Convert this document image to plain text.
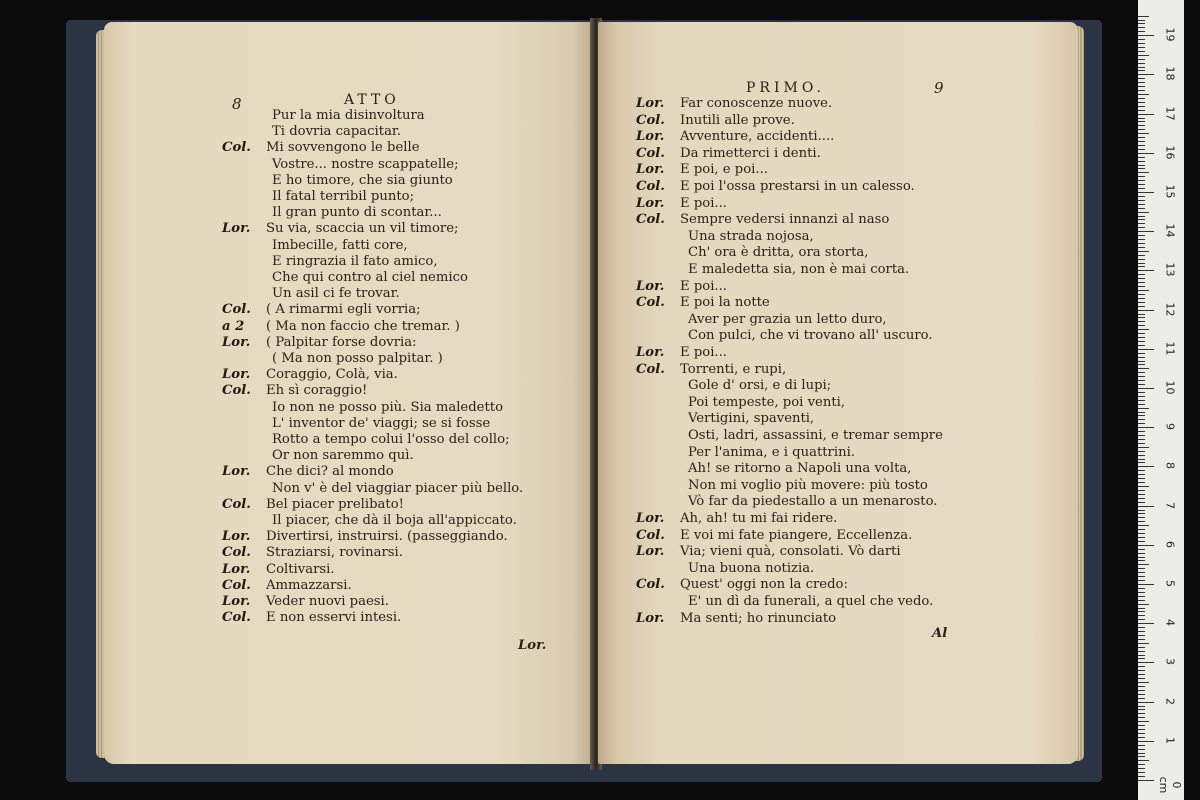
8	ATTO
Pur la mia disinvoltura
Ti dovria capacitar.
Col. Mi sovvengono le belle
Vostre... nostre scappatelle;
E ho timore, che sia giunto
Il fatal terribil punto;
Il gran punto di scontar...
Lor. Su via, scaccia un vil timore;
Imbecille, fatti core,
E ringrazia il fato amico,
Che qui contro al ciel nemico
Un asil ci fe trovar.
Col. ( A rimarmi egli vorria;
a 2 ( Ma non faccio che tremar. )
Lor. ( Palpitar forse dovria:
( Ma non posso palpitar. )
Lor. Coraggio, Colà, via.
Col. Eh sì coraggio!
Io non ne posso più. Sia maledetto
L' inventor de' viaggi; se si fosse
Rotto a tempo colui l'osso del collo;
Or non saremmo quì.
Lor. Che dici? al mondo
Non v' è del viaggiar piacer più bello.
Col. Bel piacer prelibato!
Il piacer, che dà il boja all'appiccato.
Lor. Divertirsi, instruirsi. (passeggiando.
Col. Straziarsi, rovinarsi.
Lor. Coltivarsi.
Col. Ammazzarsi.
Lor. Veder nuovi paesi.
Col. E non esservi intesi.
Lor.
PRIMO.	9
Lor. Far conoscenze nuove.
Col. Inutili alle prove.
Lor. Avventure, accidenti....
Col. Da rimetterci i denti.
Lor. E poi, e poi...
Col. E poi l'ossa prestarsi in un calesso.
Lor. E poi...
Col. Sempre vedersi innanzi al naso
Una strada nojosa,
Ch' ora è dritta, ora storta,
E maledetta sia, non è mai corta.
Lor. E poi...
Col. E poi la notte
Aver per grazia un letto duro,
Con pulci, che vi trovano all' uscuro.
Lor. E poi...
Col. Torrenti, e rupi,
Gole d' orsi, e di lupi;
Poi tempeste, poi venti,
Vertigini, spaventi,
Osti, ladri, assassini, e tremar sempre
Per l'anima, e i quattrini.
Ah! se ritorno a Napoli una volta,
Non mi voglio più movere: più tosto
Vò far da piedestallo a un menarosto.
Lor. Ah, ah! tu mi fai ridere.
Col. E voi mi fate piangere, Eccellenza.
Lor. Via; vieni quà, consolati. Vò darti
Una buona notizia.
Col. Quest' oggi non la credo:
E' un dì da funerali, a quel che vedo.
Lor. Ma senti; ho rinunciato
Al
0 cm
1
2
3
4
5
6
7
8
9
10
11
12
13
14
15
16
17
18
19
